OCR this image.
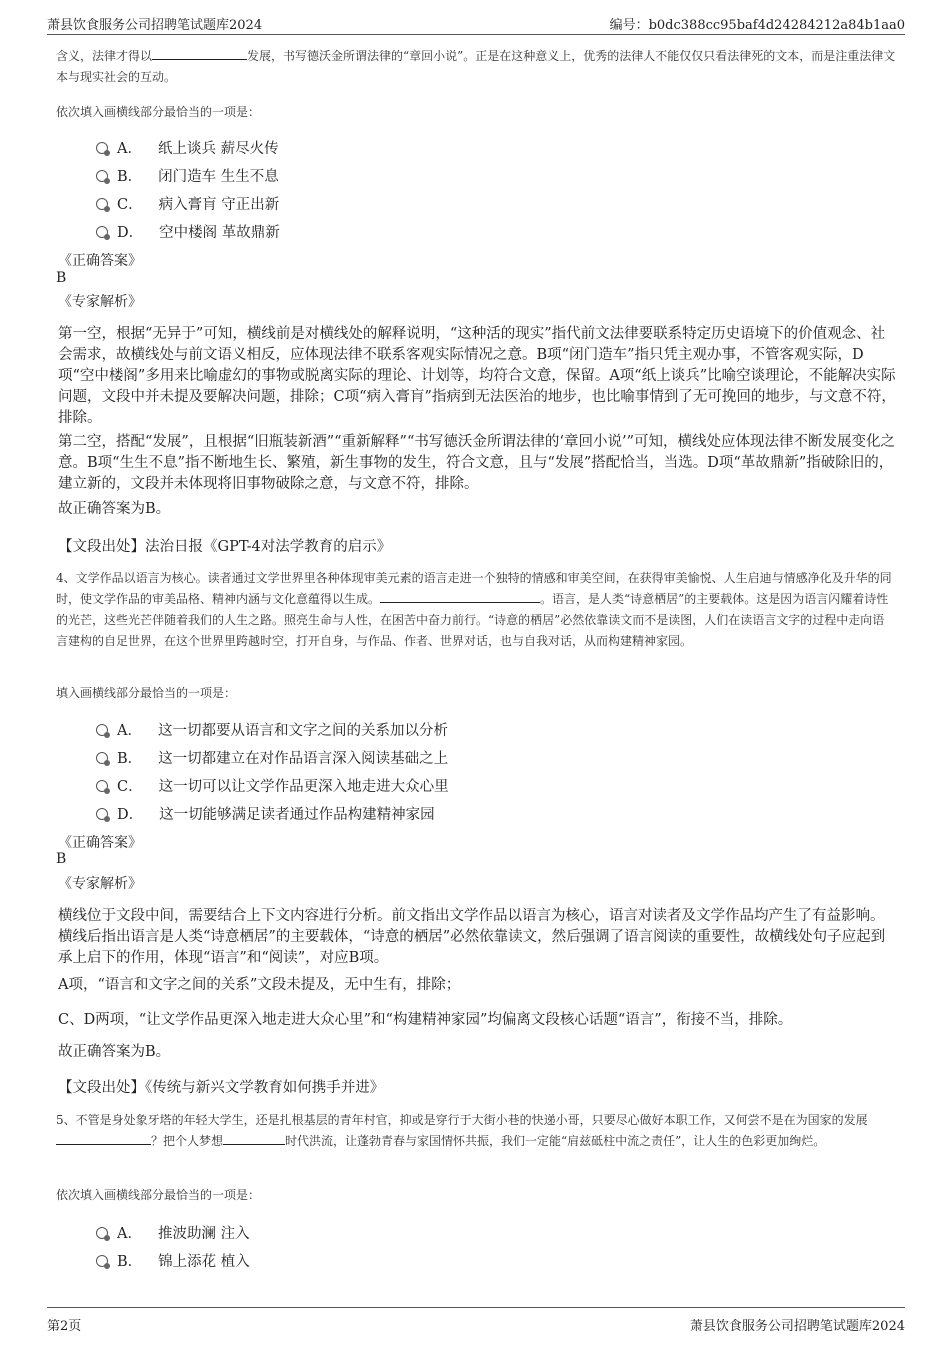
萧县饮食服务公司招聘笔试题库2024	编号：b0dc388cc95baf4d24284212a84b1aa0
含义，法律才得以	发展，书写德沃金所谓法律的“章回小说”。正是在这种意义上，优秀的法律人不能仅仅只看法律死的文本，而是注重法律文本与现实社会的互动。
依次填入画横线部分最恰当的一项是：
A． 纸上谈兵 薪尽火传
B． 闭门造车 生生不息
C． 病入膏肓 守正出新
D． 空中楼阁 革故鼎新
《正确答案》
B
《专家解析》
第一空，根据“无异于”可知，横线前是对横线处的解释说明，“这种活的现实”指代前文法律要联系特定历史语境下的价值观念、社会需求，故横线处与前文语义相反，应体现法律不联系客观实际情况之意。B项“闭门造车”指只凭主观办事，不管客观实际，D项“空中楼阁”多用来比喻虚幻的事物或脱离实际的理论、计划等，均符合文意，保留。A项“纸上谈兵”比喻空谈理论，不能解决实际问题，文段中并未提及要解决问题，排除；C项“病入膏肓”指病到无法医治的地步，也比喻事情到了无可挽回的地步，与文意不符，排除。
第二空，搭配“发展”，且根据“旧瓶装新酒”“重新解释”“书写德沃金所谓法律的‘章回小说’”可知，横线处应体现法律不断发展变化之意。B项“生生不息”指不断地生长、繁殖，新生事物的发生，符合文意，且与“发展”搭配恰当，当选。D项“革故鼎新”指破除旧的，建立新的，文段并未体现将旧事物破除之意，与文意不符，排除。
故正确答案为B。
【文段出处】法治日报《GPT-4对法学教育的启示》
4、文学作品以语言为核心。读者通过文学世界里各种体现审美元素的语言走进一个独特的情感和审美空间，在获得审美愉悦、人生启迪与情感净化及升华的同时，使文学作品的审美品格、精神内涵与文化意蕴得以生成。	。语言，是人类“诗意栖居”的主要载体。这是因为语言闪耀着诗性的光芒，这些光芒伴随着我们的人生之路。照亮生命与人性，在困苦中奋力前行。“诗意的栖居”必然依靠读文而不是读图，人们在读语言文字的过程中走向语言建构的自足世界，在这个世界里跨越时空，打开自身，与作品、作者、世界对话，也与自我对话，从而构建精神家园。
填入画横线部分最恰当的一项是：
A． 这一切都要从语言和文字之间的关系加以分析
B． 这一切都建立在对作品语言深入阅读基础之上
C． 这一切可以让文学作品更深入地走进大众心里
D． 这一切能够满足读者通过作品构建精神家园
《正确答案》
B
《专家解析》
横线位于文段中间，需要结合上下文内容进行分析。前文指出文学作品以语言为核心，语言对读者及文学作品均产生了有益影响。横线后指出语言是人类“诗意栖居”的主要载体，“诗意的栖居”必然依靠读文，然后强调了语言阅读的重要性，故横线处句子应起到承上启下的作用，体现“语言”和“阅读”，对应B项。
A项，“语言和文字之间的关系”文段未提及，无中生有，排除；
C、D两项，“让文学作品更深入地走进大众心里”和“构建精神家园”均偏离文段核心话题“语言”，衔接不当，排除。
故正确答案为B。
【文段出处】《传统与新兴文学教育如何携手并进》
5、不管是身处象牙塔的年轻大学生，还是扎根基层的青年村官，抑或是穿行于大街小巷的快递小哥，只要尽心做好本职工作，又何尝不是在为国家的发展？把个人梦想	时代洪流，让蓬勃青春与家国情怀共振，我们一定能“肩兹砥柱中流之责任”，让人生的色彩更加绚烂。
依次填入画横线部分最恰当的一项是：
A． 推波助澜 注入
B． 锦上添花 植入
第2页	萧县饮食服务公司招聘笔试题库2024
